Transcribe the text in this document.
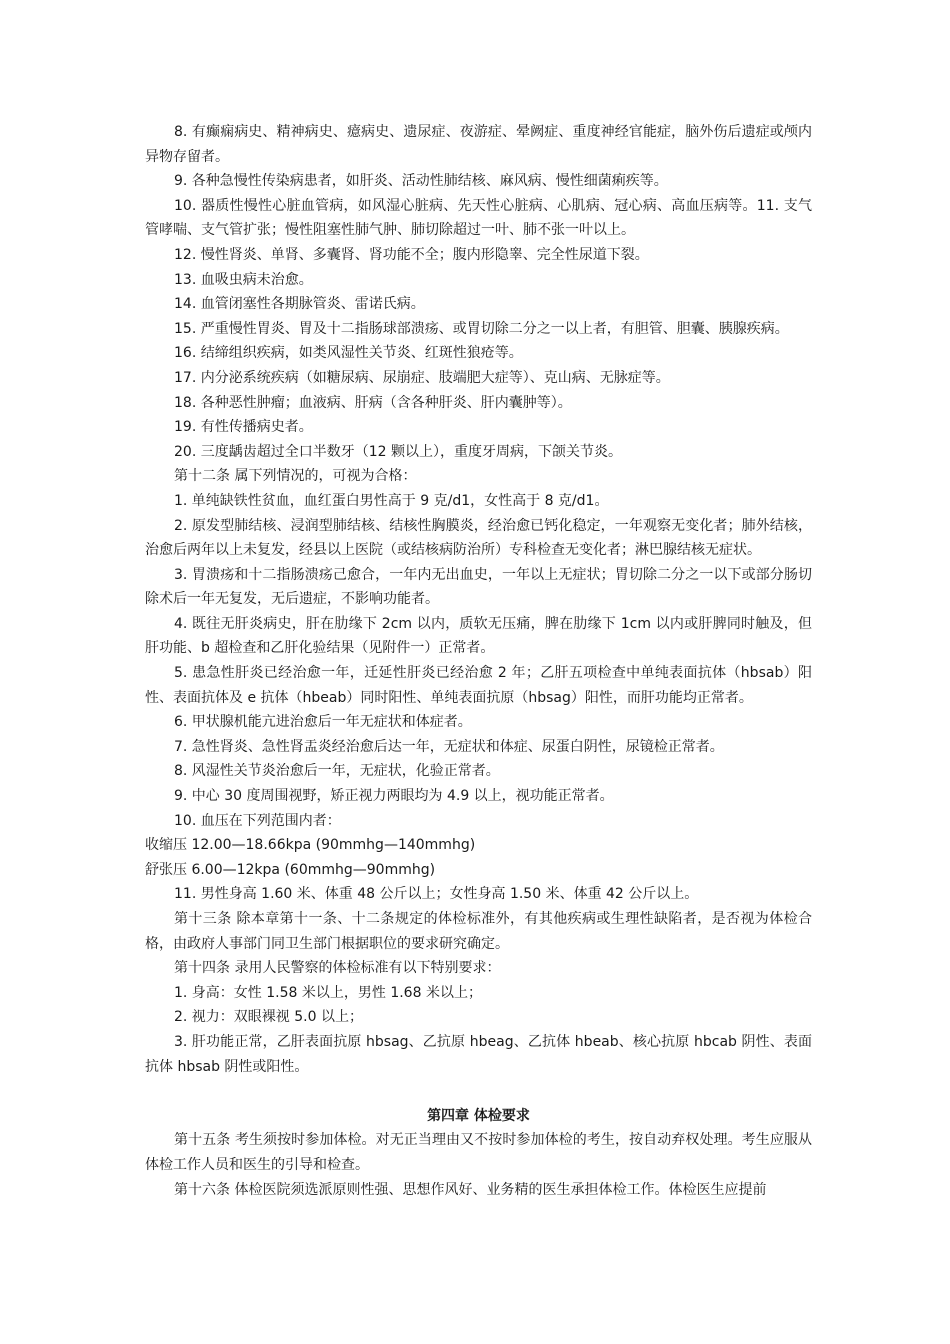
8. 有癫痫病史、精神病史、癔病史、遗尿症、夜游症、晕阙症、重度神经官能症，脑外伤后遗症或颅内异物存留者。

9. 各种急慢性传染病患者，如肝炎、活动性肺结核、麻风病、慢性细菌痢疾等。

10. 器质性慢性心脏血管病，如风湿心脏病、先天性心脏病、心肌病、冠心病、高血压病等。11. 支气管哮喘、支气管扩张；慢性阻塞性肺气肿、肺切除超过一叶、肺不张一叶以上。

12. 慢性肾炎、单肾、多囊肾、肾功能不全；腹内形隐睾、完全性尿道下裂。

13. 血吸虫病未治愈。

14. 血管闭塞性各期脉管炎、雷诺氏病。

15. 严重慢性胃炎、胃及十二指肠球部溃疡、或胃切除二分之一以上者，有胆管、胆囊、胰腺疾病。

16. 结缔组织疾病，如类风湿性关节炎、红斑性狼疮等。

17. 内分泌系统疾病（如糖尿病、尿崩症、肢端肥大症等）、克山病、无脉症等。

18. 各种恶性肿瘤；血液病、肝病（含各种肝炎、肝内囊肿等）。

19. 有性传播病史者。

20. 三度龋齿超过全口半数牙（12 颗以上），重度牙周病，下颌关节炎。

第十二条 属下列情况的，可视为合格：

1. 单纯缺铁性贫血，血红蛋白男性高于 9 克/d1，女性高于 8 克/d1。

2. 原发型肺结核、浸润型肺结核、结核性胸膜炎，经治愈已钙化稳定，一年观察无变化者；肺外结核，治愈后两年以上未复发，经县以上医院（或结核病防治所）专科检查无变化者；淋巴腺结核无症状。

3. 胃溃疡和十二指肠溃疡己愈合，一年内无出血史，一年以上无症状；胃切除二分之一以下或部分肠切除术后一年无复发，无后遗症，不影响功能者。

4. 既往无肝炎病史，肝在肋缘下 2cm 以内，质软无压痛，脾在肋缘下 1cm 以内或肝脾同时触及，但肝功能、b 超检查和乙肝化验结果（见附件一）正常者。

5. 患急性肝炎已经治愈一年，迁延性肝炎已经治愈 2 年；乙肝五项检查中单纯表面抗体（hbsab）阳性、表面抗体及 e 抗体（hbeab）同时阳性、单纯表面抗原（hbsag）阳性，而肝功能均正常者。

6. 甲状腺机能亢进治愈后一年无症状和体症者。

7. 急性肾炎、急性肾盂炎经治愈后达一年，无症状和体症、尿蛋白阴性，尿镜检正常者。

8. 风湿性关节炎治愈后一年，无症状，化验正常者。

9. 中心 30 度周围视野，矫正视力两眼均为 4.9 以上，视功能正常者。

10. 血压在下列范围内者：

收缩压 12.00—18.66kpa (90mmhg—140mmhg)

舒张压 6.00—12kpa (60mmhg—90mmhg)

11. 男性身高 1.60 米、体重 48 公斤以上；女性身高 1.50 米、体重 42 公斤以上。

第十三条 除本章第十一条、十二条规定的体检标准外，有其他疾病或生理性缺陷者，是否视为体检合格，由政府人事部门同卫生部门根据职位的要求研究确定。

第十四条 录用人民警察的体检标准有以下特别要求：

1. 身高：女性 1.58 米以上，男性 1.68 米以上；

2. 视力：双眼裸视 5.0 以上；

3. 肝功能正常，乙肝表面抗原 hbsag、乙抗原 hbeag、乙抗体 hbeab、核心抗原 hbcab 阴性、表面抗体 hbsab 阴性或阳性。

第四章 体检要求

第十五条 考生须按时参加体检。对无正当理由又不按时参加体检的考生，按自动弃权处理。考生应服从体检工作人员和医生的引导和检查。

第十六条 体检医院须选派原则性强、思想作风好、业务精的医生承担体检工作。体检医生应提前
